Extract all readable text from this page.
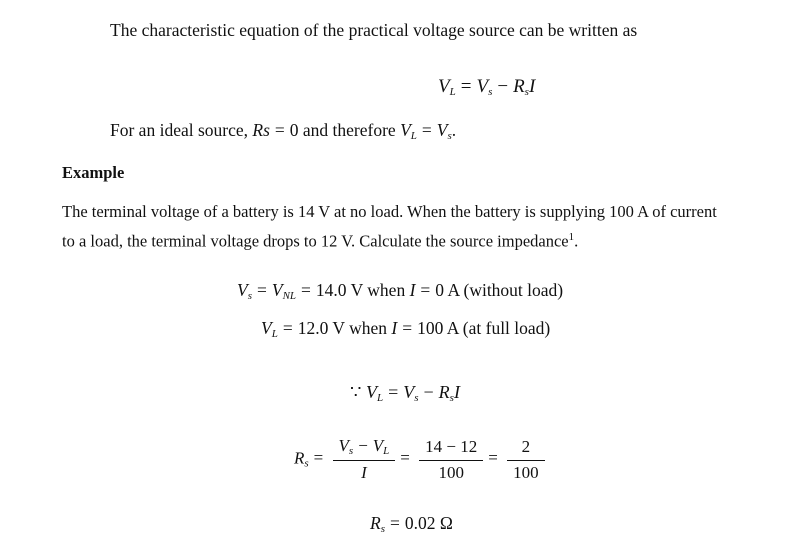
The characteristic equation of the practical voltage source can be written as
$V_L = V_s - R_sI$
For an ideal source, Rs = 0 and therefore $V_L = V_s$.
Example
The terminal voltage of a battery is 14 V at no load. When the battery is supplying 100 A of current
to a load, the terminal voltage drops to 12 V. Calculate the source impedance$^1$.
$V_s = V_{NL} = 14.0$ V when I = 0 A (without load)
$V_L = 12.0$ V when I = 100 A (at full load)
∵ $V_L = V_s - R_sI$
$R_s = \frac{V_s - V_L}{I} = \frac{14 - 12}{100} = \frac{2}{100}$
$R_s = 0.02$ Ω
